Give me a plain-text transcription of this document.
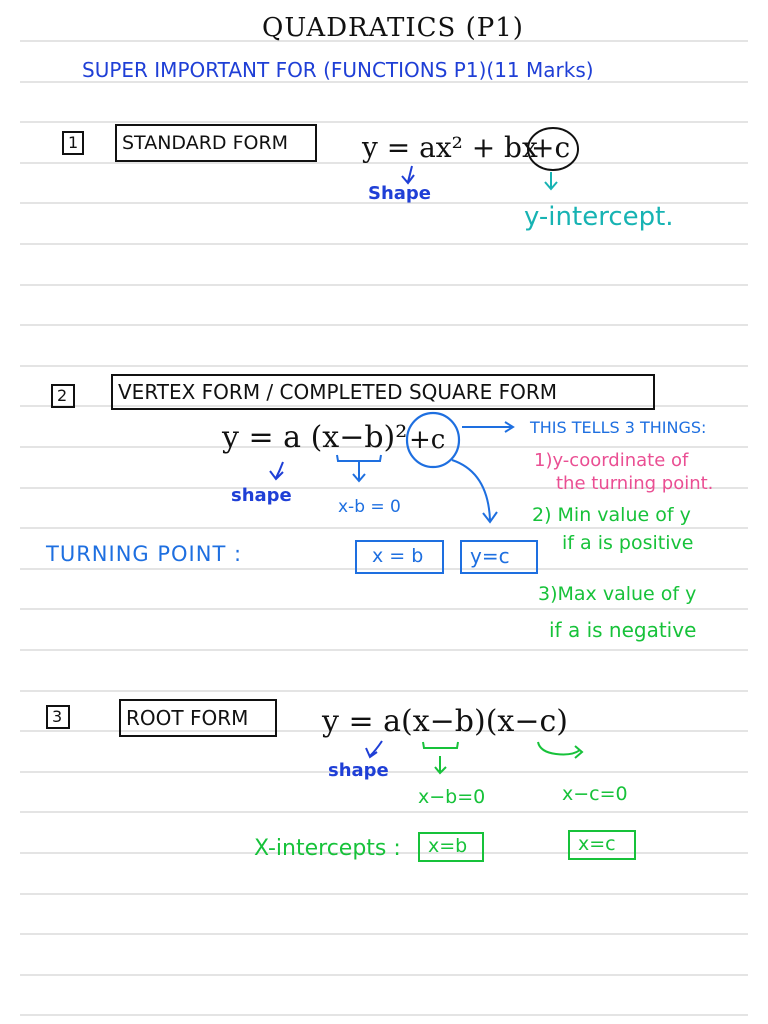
QUADRATICS (P1)
SUPER IMPORTANT FOR (FUNCTIONS P1)(11 Marks)
1 STANDARD FORM	y = ax² + bx
+c
Shape
y-intercept.
2	VERTEX FORM / COMPLETED SQUARE FORM
y = a (x−b)² +c	THIS TELLS 3 THINGS:
1)y-coordinate of
the turning point.
2) Min value of y
if a is positive
3)Max value of y
if a is negative
shape
x-b = 0
TURNING POINT :	x = b y=c
3	ROOT FORM y = a(x−b)(x−c)
shape
x−b=0	x−c=0
X-intercepts : x=b	x=c
